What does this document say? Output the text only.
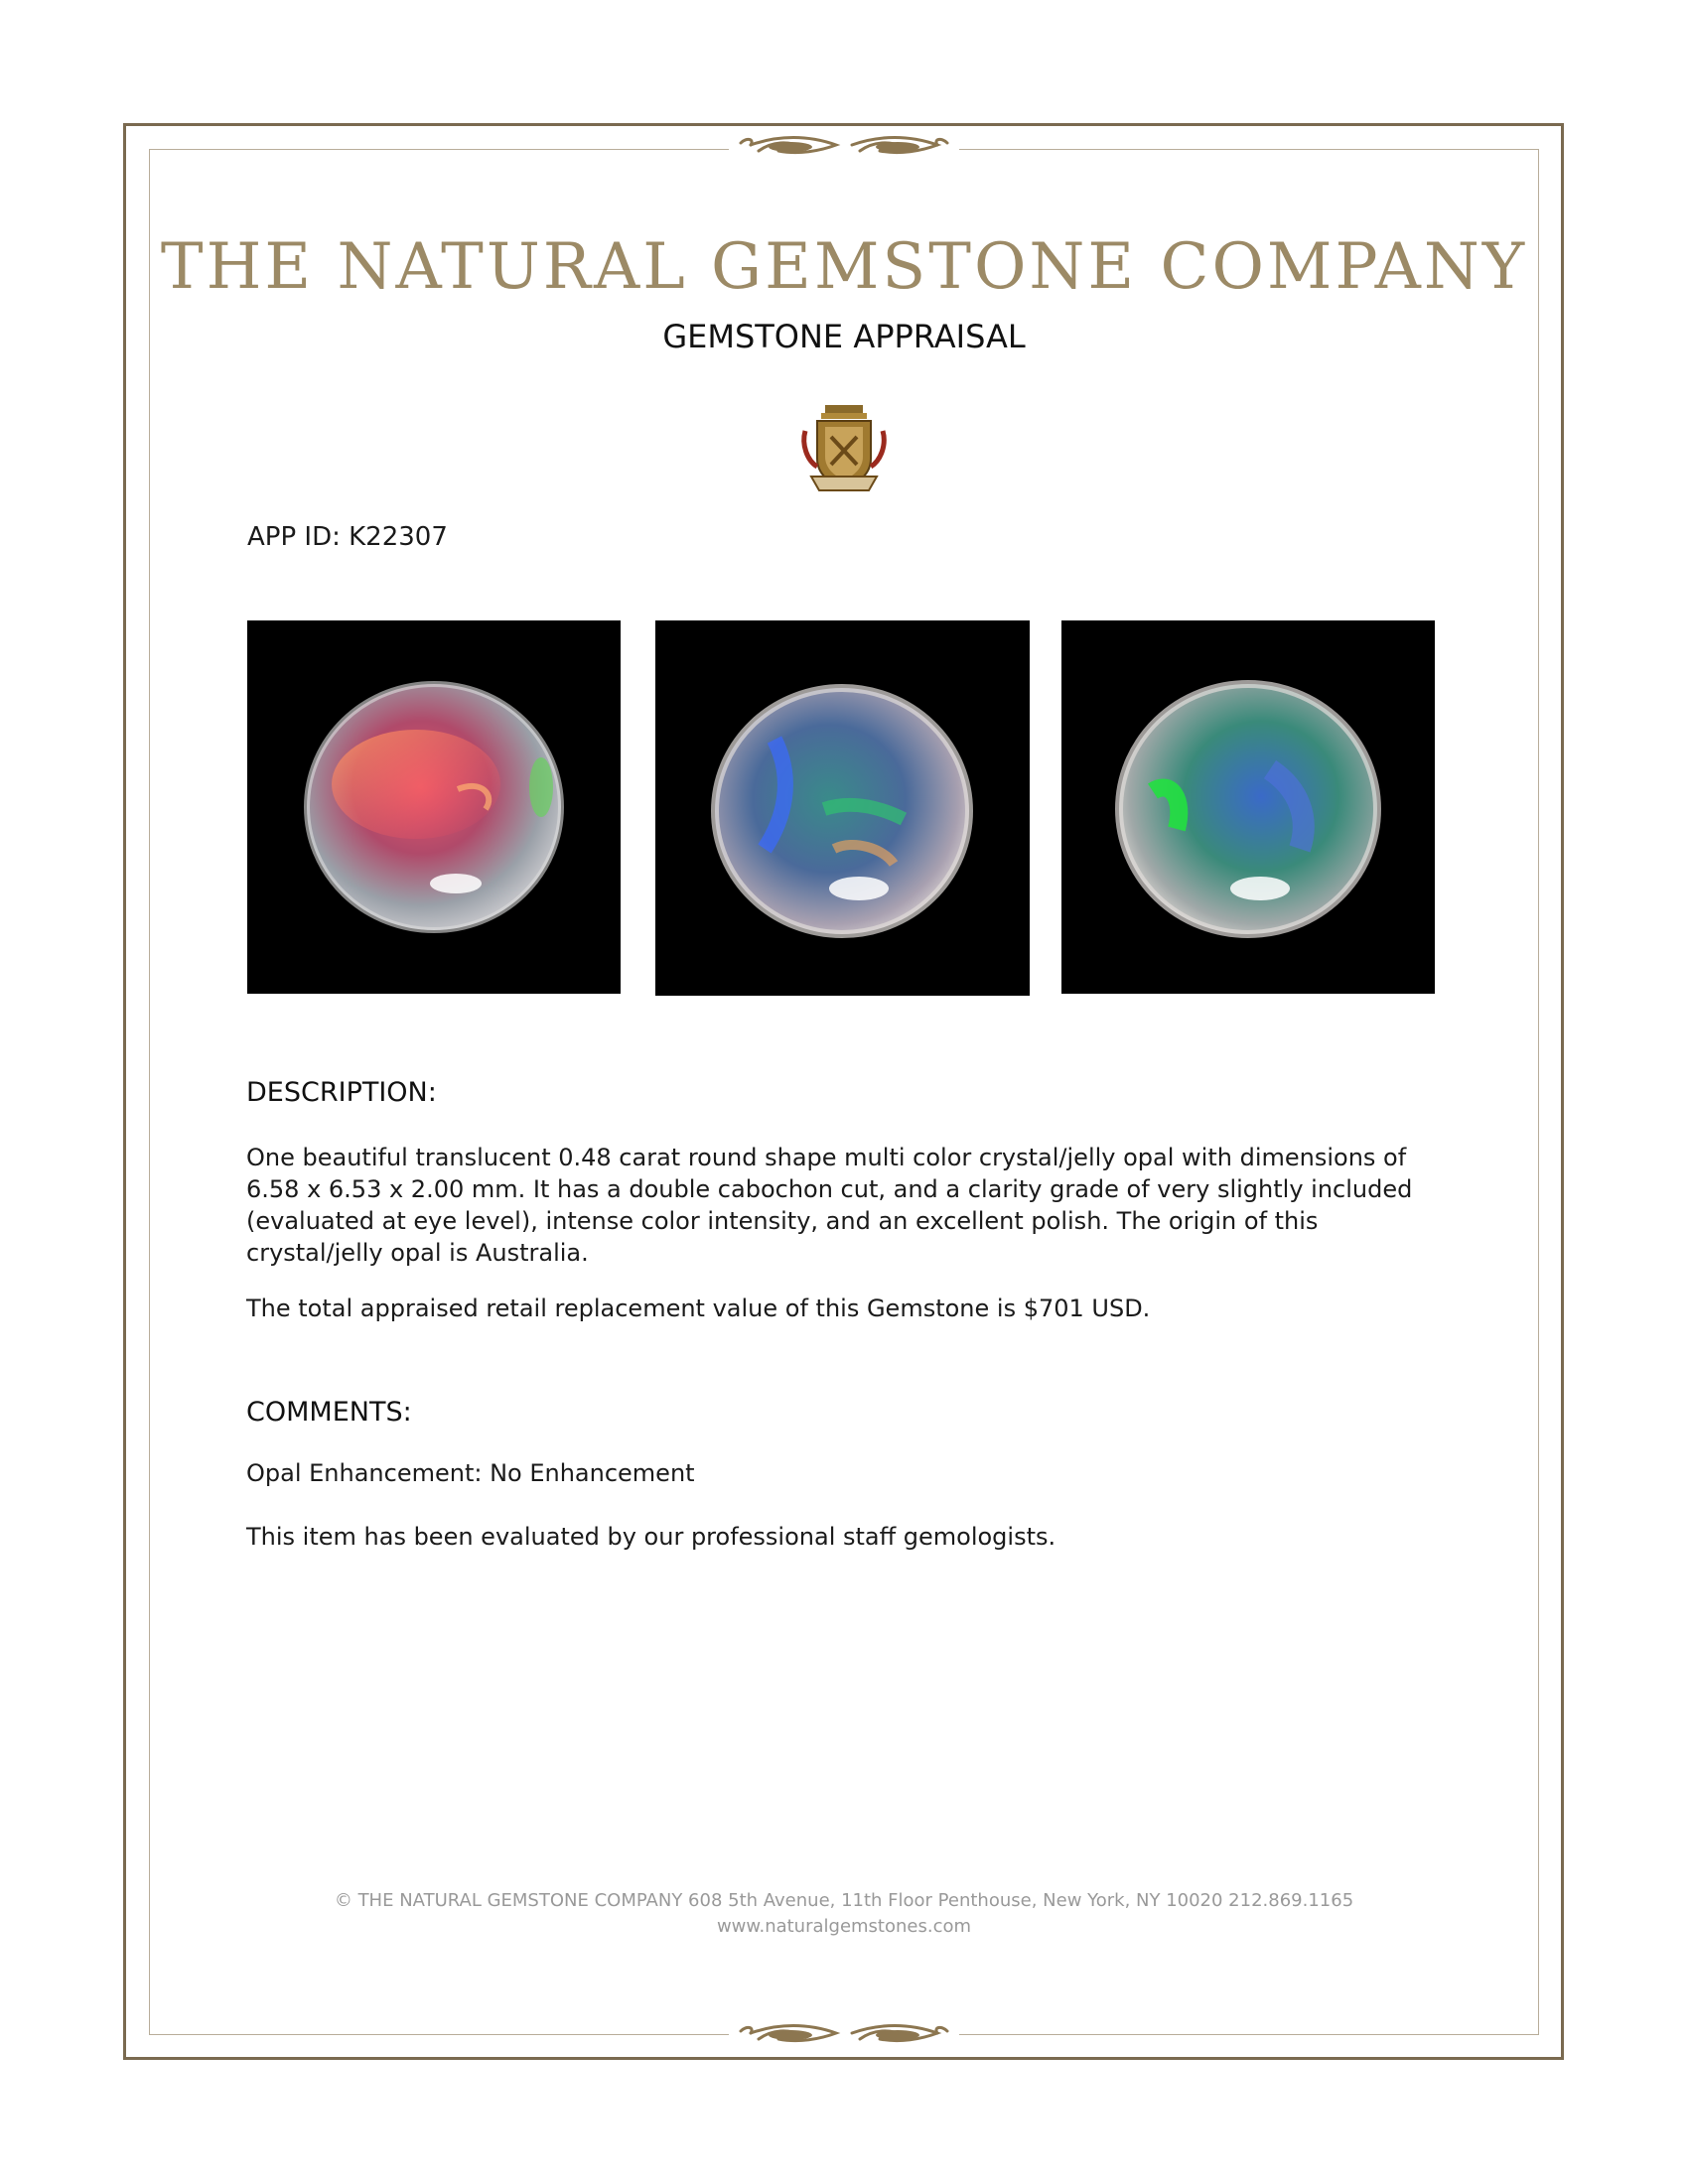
THE NATURAL GEMSTONE COMPANY
GEMSTONE APPRAISAL
APP ID: K22307
DESCRIPTION:
One beautiful translucent 0.48 carat round shape multi color crystal/jelly opal with dimensions of 6.58 x 6.53 x 2.00 mm. It has a double cabochon cut, and a clarity grade of very slightly included (evaluated at eye level), intense color intensity, and an excellent polish. The origin of this crystal/jelly opal is Australia.
The total appraised retail replacement value of this Gemstone is $701 USD.
COMMENTS:
Opal Enhancement: No Enhancement
This item has been evaluated by our professional staff gemologists.
© THE NATURAL GEMSTONE COMPANY 608 5th Avenue, 11th Floor Penthouse, New York, NY 10020 212.869.1165
www.naturalgemstones.com
